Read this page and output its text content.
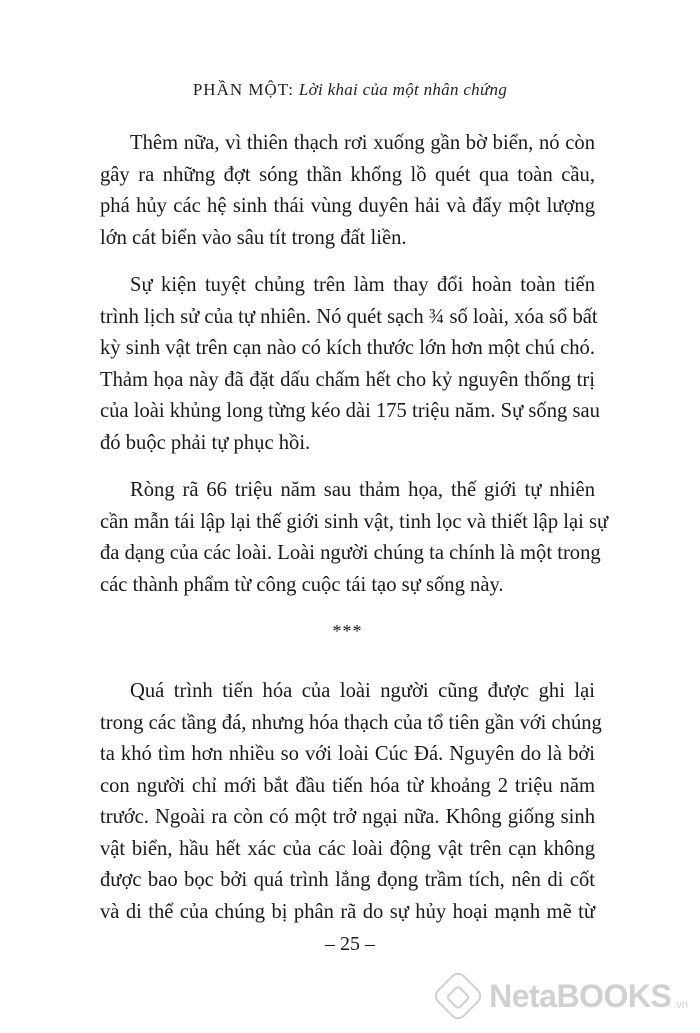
PHẦN MỘT: Lời khai của một nhân chứng

Thêm nữa, vì thiên thạch rơi xuống gần bờ biển, nó còn
gây ra những đợt sóng thần khổng lồ quét qua toàn cầu,
phá hủy các hệ sinh thái vùng duyên hải và đẩy một lượng
lớn cát biển vào sâu tít trong đất liền.

Sự kiện tuyệt chủng trên làm thay đổi hoàn toàn tiến
trình lịch sử của tự nhiên. Nó quét sạch ¾ số loài, xóa sổ bất
kỳ sinh vật trên cạn nào có kích thước lớn hơn một chú chó.
Thảm họa này đã đặt dấu chấm hết cho kỷ nguyên thống trị
của loài khủng long từng kéo dài 175 triệu năm. Sự sống sau
đó buộc phải tự phục hồi.

Ròng rã 66 triệu năm sau thảm họa, thế giới tự nhiên
cần mẫn tái lập lại thế giới sinh vật, tinh lọc và thiết lập lại sự
đa dạng của các loài. Loài người chúng ta chính là một trong
các thành phẩm từ công cuộc tái tạo sự sống này.

***

Quá trình tiến hóa của loài người cũng được ghi lại
trong các tầng đá, nhưng hóa thạch của tổ tiên gần với chúng
ta khó tìm hơn nhiều so với loài Cúc Đá. Nguyên do là bởi
con người chỉ mới bắt đầu tiến hóa từ khoảng 2 triệu năm
trước. Ngoài ra còn có một trở ngại nữa. Không giống sinh
vật biển, hầu hết xác của các loài động vật trên cạn không
được bao bọc bởi quá trình lắng đọng trầm tích, nên di cốt
và di thể của chúng bị phân rã do sự hủy hoại mạnh mẽ từ

– 25 –
NetaBOOKS .vn
